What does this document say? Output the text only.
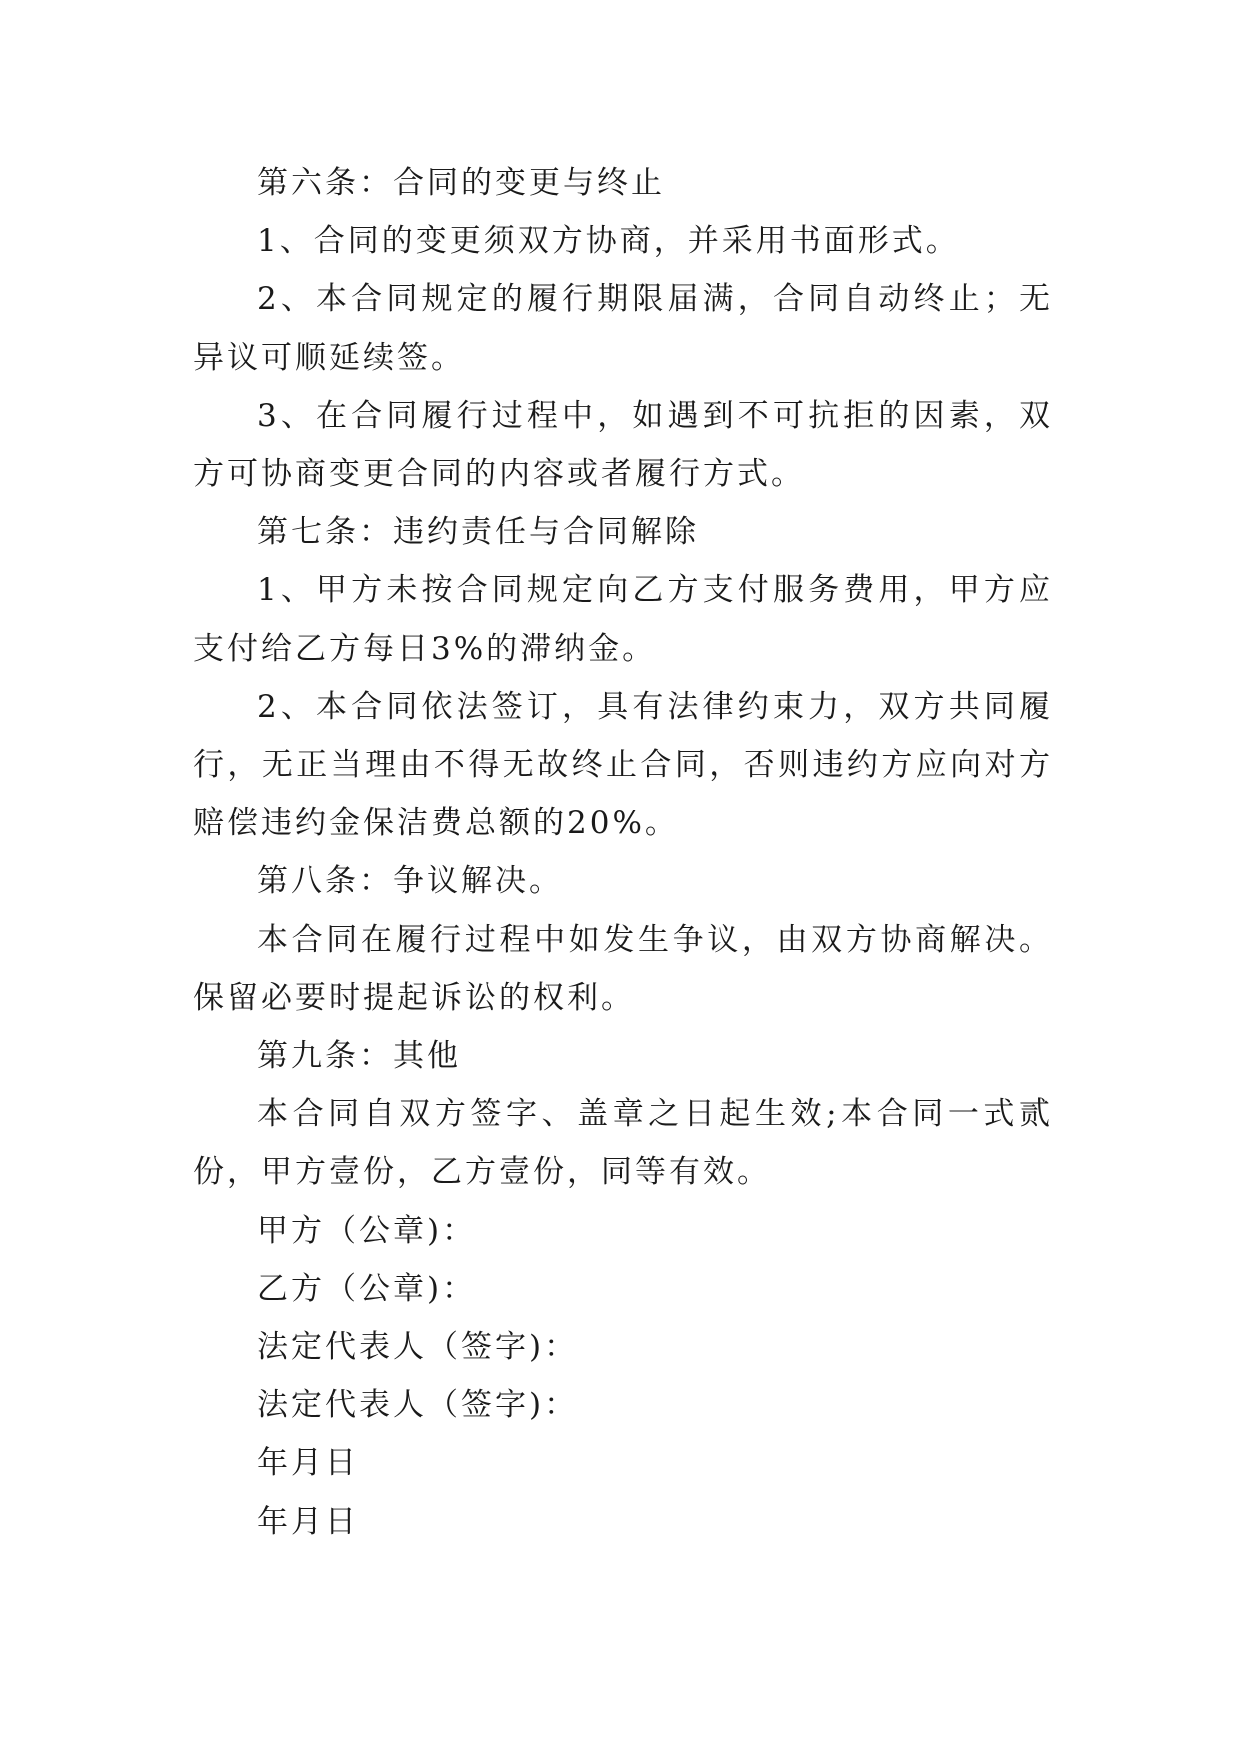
第六条：合同的变更与终止

1、合同的变更须双方协商，并采用书面形式。

2、本合同规定的履行期限届满，合同自动终止；无异议可顺延续签。

3、在合同履行过程中，如遇到不可抗拒的因素，双方可协商变更合同的内容或者履行方式。

第七条：违约责任与合同解除

1、甲方未按合同规定向乙方支付服务费用，甲方应支付给乙方每日3%的滞纳金。

2、本合同依法签订，具有法律约束力，双方共同履行，无正当理由不得无故终止合同，否则违约方应向对方赔偿违约金保洁费总额的20%。

第八条：争议解决。

本合同在履行过程中如发生争议，由双方协商解决。保留必要时提起诉讼的权利。

第九条：其他

本合同自双方签字、盖章之日起生效;本合同一式贰份，甲方壹份，乙方壹份，同等有效。

甲方（公章)：

乙方（公章)：

法定代表人（签字)：

法定代表人（签字)：

年月日

年月日
